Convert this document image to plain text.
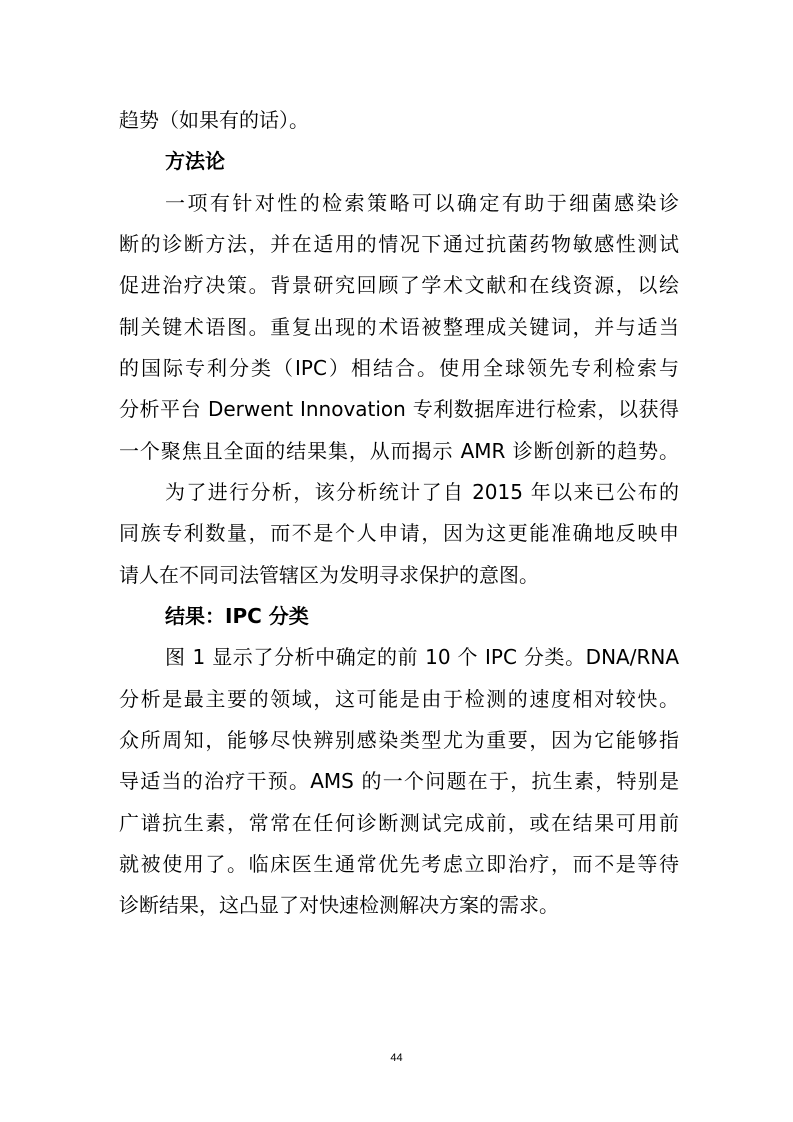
趋势（如果有的话）。
方法论
一项有针对性的检索策略可以确定有助于细菌感染诊
断的诊断方法，并在适用的情况下通过抗菌药物敏感性测试
促进治疗决策。背景研究回顾了学术文献和在线资源，以绘
制关键术语图。重复出现的术语被整理成关键词，并与适当
的国际专利分类（IPC）相结合。使用全球领先专利检索与
分析平台 Derwent Innovation 专利数据库进行检索，以获得
一个聚焦且全面的结果集，从而揭示 AMR 诊断创新的趋势。
为了进行分析，该分析统计了自 2015 年以来已公布的
同族专利数量，而不是个人申请，因为这更能准确地反映申
请人在不同司法管辖区为发明寻求保护的意图。
结果：IPC 分类
图 1 显示了分析中确定的前 10 个 IPC 分类。DNA/RNA
分析是最主要的领域，这可能是由于检测的速度相对较快。
众所周知，能够尽快辨别感染类型尤为重要，因为它能够指
导适当的治疗干预。AMS 的一个问题在于，抗生素，特别是
广谱抗生素，常常在任何诊断测试完成前，或在结果可用前
就被使用了。临床医生通常优先考虑立即治疗，而不是等待
诊断结果，这凸显了对快速检测解决方案的需求。
44
